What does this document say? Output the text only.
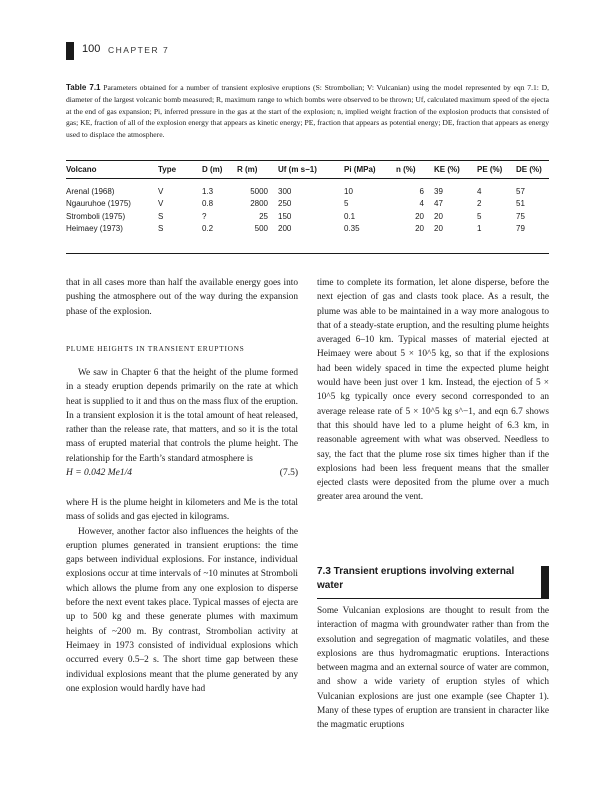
100 CHAPTER 7
Table 7.1 Parameters obtained for a number of transient explosive eruptions (S: Strombolian; V: Vulcanian) using the model represented by eqn 7.1: D, diameter of the largest volcanic bomb measured; R, maximum range to which bombs were observed to be thrown; Uf, calculated maximum speed of the ejecta at the end of gas expansion; Pi, inferred pressure in the gas at the start of the explosion; n, implied weight fraction of the explosion products that consisted of gas; KE, fraction of all of the explosion energy that appears as kinetic energy; PE, fraction that appears as potential energy; DE, fraction that appears as energy used to displace the atmosphere.
Volcano	Type	D (m)	R (m)	Uf (m s−1)	Pi (MPa)	n (%)	KE (%)	PE (%)	DE (%)

Arenal (1968)	V	1.3	5000	300	10	6	39	4	57
Ngauruhoe (1975)	V	0.8	2800	250	5	4	47	2	51
Stromboli (1975)	S	?	25	150	0.1	20	20	5	75
Heimaey (1973)	S	0.2	500	200	0.35	20	20	1	79
that in all cases more than half the available energy goes into pushing the atmosphere out of the way during the expansion phase of the explosion.
PLUME HEIGHTS IN TRANSIENT ERUPTIONS

We saw in Chapter 6 that the height of the plume formed in a steady eruption depends primarily on the rate at which heat is supplied to it and thus on the mass flux of the eruption. In a transient explosion it is the total amount of heat released, rather than the release rate, that matters, and so it is the total mass of erupted material that controls the plume height. The relationship for the Earth’s standard atmosphere is

H = 0.042 Me1/4	(7.5)

where H is the plume height in kilometers and Me is the total mass of solids and gas ejected in kilograms.

However, another factor also influences the heights of the eruption plumes generated in transient eruptions: the time gaps between individual explosions. For instance, individual explosions occur at time intervals of ~10 minutes at Stromboli which allows the plume from any one explosion to disperse before the next event takes place. Typical masses of ejecta are up to 500 kg and these generate plumes with maximum heights of ~200 m. By contrast, Strombolian activity at Heimaey in 1973 consisted of individual explosions which occurred every 0.5–2 s. The short time gap between these individual explosions meant that the plume generated by any one explosion would hardly have had

time to complete its formation, let alone disperse, before the next ejection of gas and clasts took place. As a result, the plume was able to be maintained in a way more analogous to that of a steady-state eruption, and the resulting plume heights averaged 6–10 km. Typical masses of material ejected at Heimaey were about 5 × 10^5 kg, so that if the explosions had been widely spaced in time the expected plume height would have been just over 1 km. Instead, the ejection of 5 × 10^5 kg typically once every second corresponded to an average release rate of 5 × 10^5 kg s^−1, and eqn 6.7 shows that this should have led to a plume height of 6.3 km, in reasonable agreement with what was observed. Needless to say, the fact that the plume rose six times higher than if the explosions had been less frequent means that the smaller ejected clasts were deposited from the plume over a much greater area around the vent.
7.3 Transient eruptions involving external water
Some Vulcanian explosions are thought to result from the interaction of magma with groundwater rather than from the exsolution and segregation of magmatic volatiles, and these explosions are thus hydromagmatic eruptions. Interactions between magma and an external source of water are common, and show a wide variety of eruption styles of which Vulcanian explosions are just one example (see Chapter 1). Many of these types of eruption are transient in character like the magmatic eruptions
